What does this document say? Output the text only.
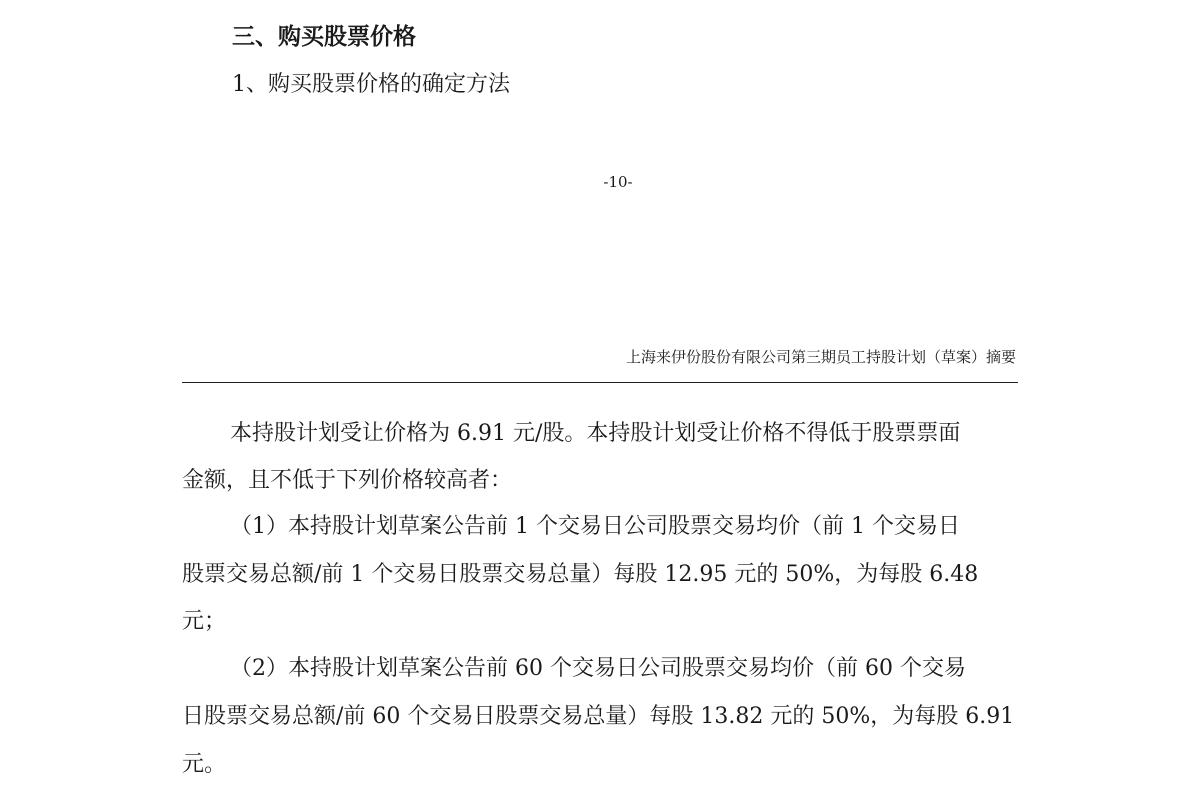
三、购买股票价格
1、购买股票价格的确定方法
-10-
上海来伊份股份有限公司第三期员工持股计划（草案）摘要
本持股计划受让价格为 6.91 元/股。本持股计划受让价格不得低于股票票面
金额，且不低于下列价格较高者：
（1）本持股计划草案公告前 1 个交易日公司股票交易均价（前 1 个交易日
股票交易总额/前 1 个交易日股票交易总量）每股 12.95 元的 50%，为每股 6.48
元；
（2）本持股计划草案公告前 60 个交易日公司股票交易均价（前 60 个交易
日股票交易总额/前 60 个交易日股票交易总量）每股 13.82 元的 50%，为每股 6.91
元。
